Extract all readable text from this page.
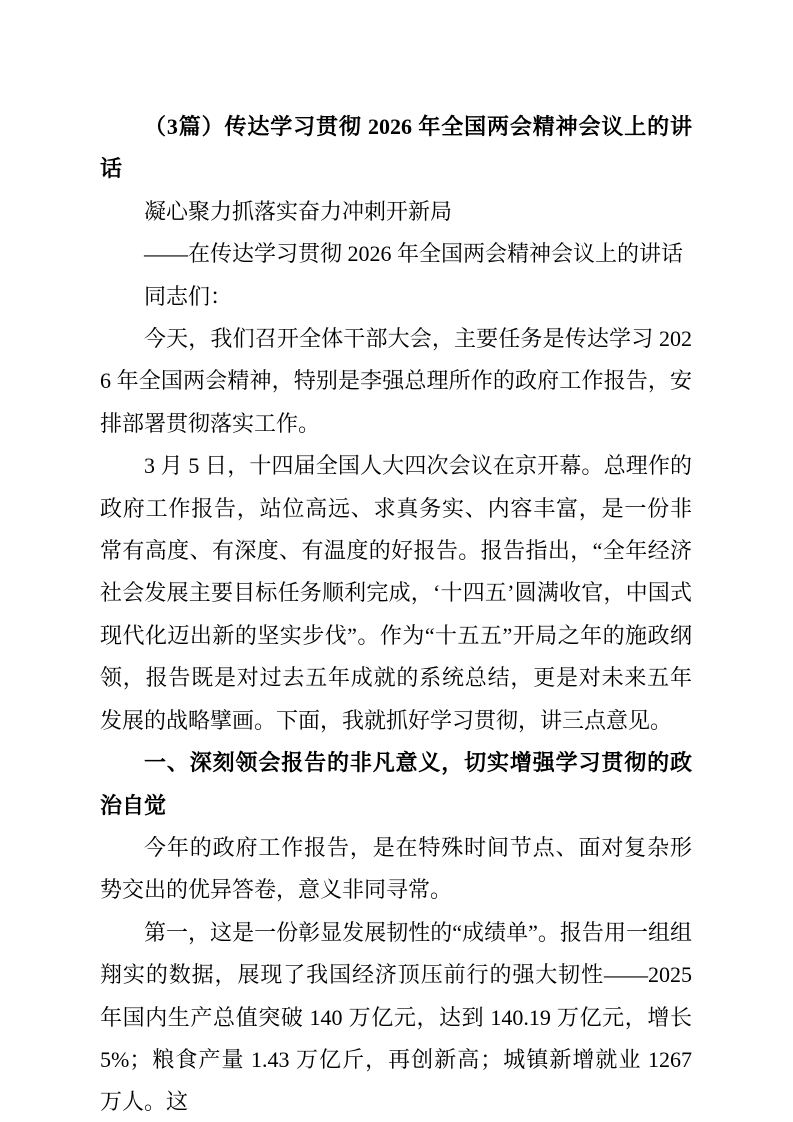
（3篇）传达学习贯彻 2026 年全国两会精神会议上的讲话

凝心聚力抓落实奋力冲刺开新局

——在传达学习贯彻 2026 年全国两会精神会议上的讲话

同志们：

今天，我们召开全体干部大会，主要任务是传达学习 2026 年全国两会精神，特别是李强总理所作的政府工作报告，安排部署贯彻落实工作。

3 月 5 日，十四届全国人大四次会议在京开幕。总理作的政府工作报告，站位高远、求真务实、内容丰富，是一份非常有高度、有深度、有温度的好报告。报告指出，“全年经济社会发展主要目标任务顺利完成，‘十四五’圆满收官，中国式现代化迈出新的坚实步伐”。作为“十五五”开局之年的施政纲领，报告既是对过去五年成就的系统总结，更是对未来五年发展的战略擘画。下面，我就抓好学习贯彻，讲三点意见。

一、深刻领会报告的非凡意义，切实增强学习贯彻的政治自觉

今年的政府工作报告，是在特殊时间节点、面对复杂形势交出的优异答卷，意义非同寻常。

第一，这是一份彰显发展韧性的“成绩单”。报告用一组组翔实的数据，展现了我国经济顶压前行的强大韧性——2025 年国内生产总值突破 140 万亿元，达到 140.19 万亿元，增长 5%；粮食产量 1.43 万亿斤，再创新高；城镇新增就业 1267 万人。这
